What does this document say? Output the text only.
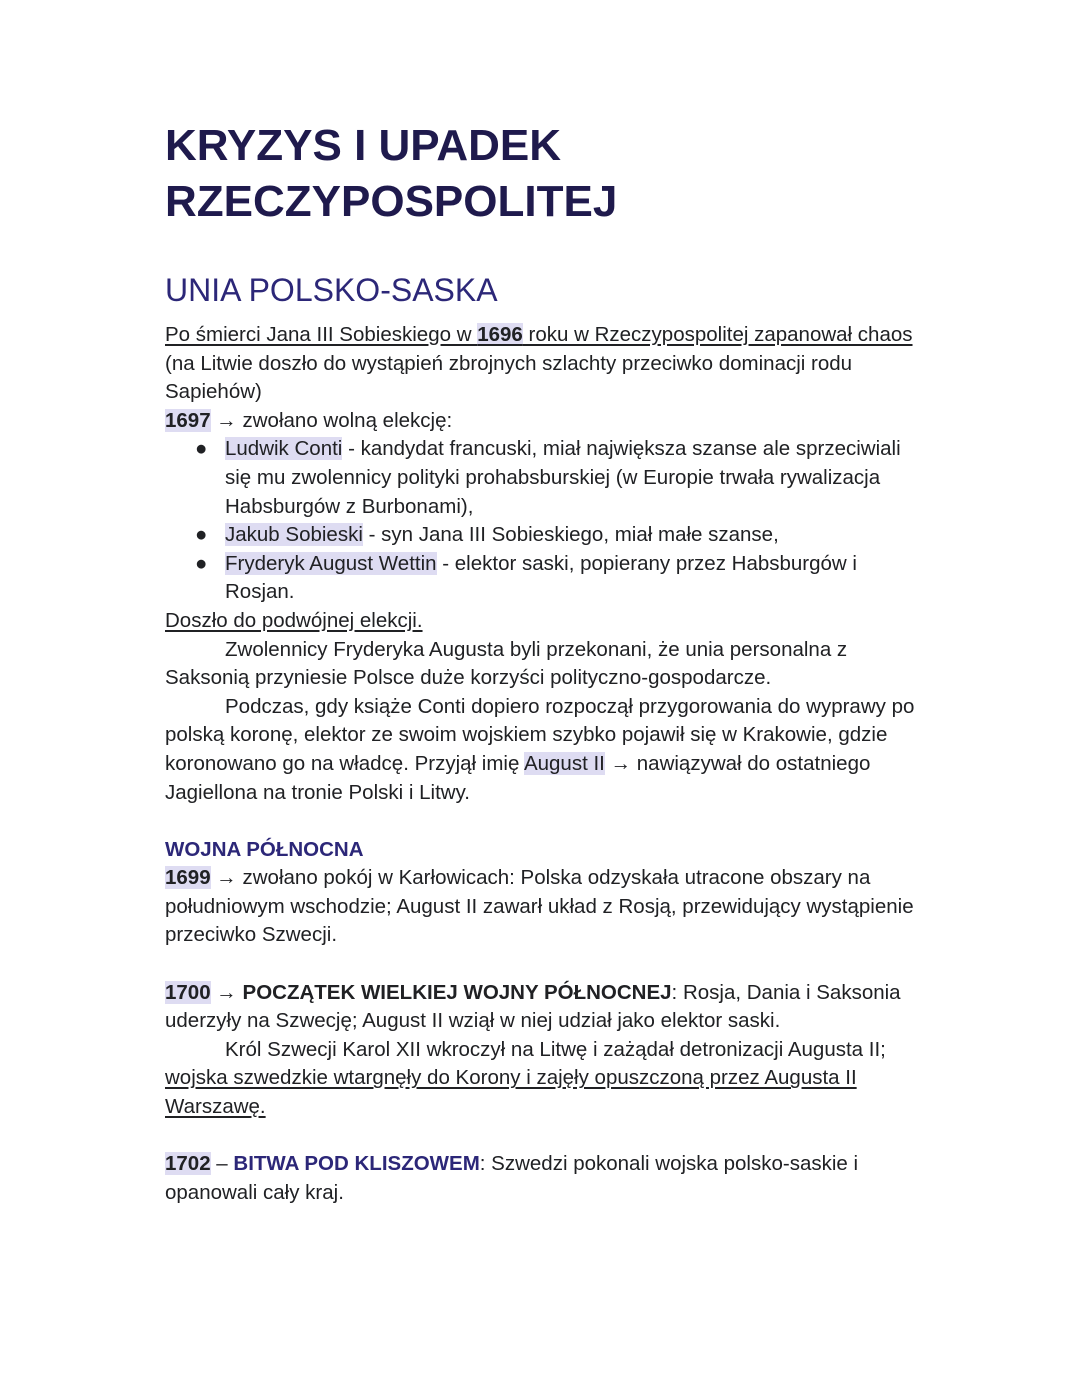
KRYZYS I UPADEK
RZECZYPOSPOLITEJ
UNIA POLSKO-SASKA

Po śmierci Jana III Sobieskiego w 1696 roku w Rzeczypospolitej zapanował chaos (na Litwie doszło do wystąpień zbrojnych szlachty przeciwko dominacji rodu Sapiehów)

1697 → zwołano wolną elekcję:

● Ludwik Conti - kandydat francuski, miał największa szanse ale sprzeciwiali się mu zwolennicy polityki prohabsburskiej (w Europie trwała rywalizacja Habsburgów z Burbonami),
● Jakub Sobieski - syn Jana III Sobieskiego, miał małe szanse,
● Fryderyk August Wettin - elektor saski, popierany przez Habsburgów i Rosjan.

Doszło do podwójnej elekcji.

Zwolennicy Fryderyka Augusta byli przekonani, że unia personalna z Saksonią przyniesie Polsce duże korzyści polityczno-gospodarcze.

Podczas, gdy książe Conti dopiero rozpoczął przygorowania do wyprawy po polską koronę, elektor ze swoim wojskiem szybko pojawił się w Krakowie, gdzie koronowano go na władcę. Przyjął imię August II → nawiązywał do ostatniego Jagiellona na tronie Polski i Litwy.

WOJNA PÓŁNOCNA

1699 → zwołano pokój w Karłowicach: Polska odzyskała utracone obszary na południowym wschodzie; August II zawarł układ z Rosją, przewidujący wystąpienie przeciwko Szwecji.

1700 → POCZĄTEK WIELKIEJ WOJNY PÓŁNOCNEJ: Rosja, Dania i Saksonia uderzyły na Szwecję; August II wziął w niej udział jako elektor saski.

Król Szwecji Karol XII wkroczył na Litwę i zażądał detronizacji Augusta II; wojska szwedzkie wtargnęły do Korony i zajęły opuszczoną przez Augusta II Warszawę.

1702 – BITWA POD KLISZOWEM: Szwedzi pokonali wojska polsko-saskie i opanowali cały kraj.
